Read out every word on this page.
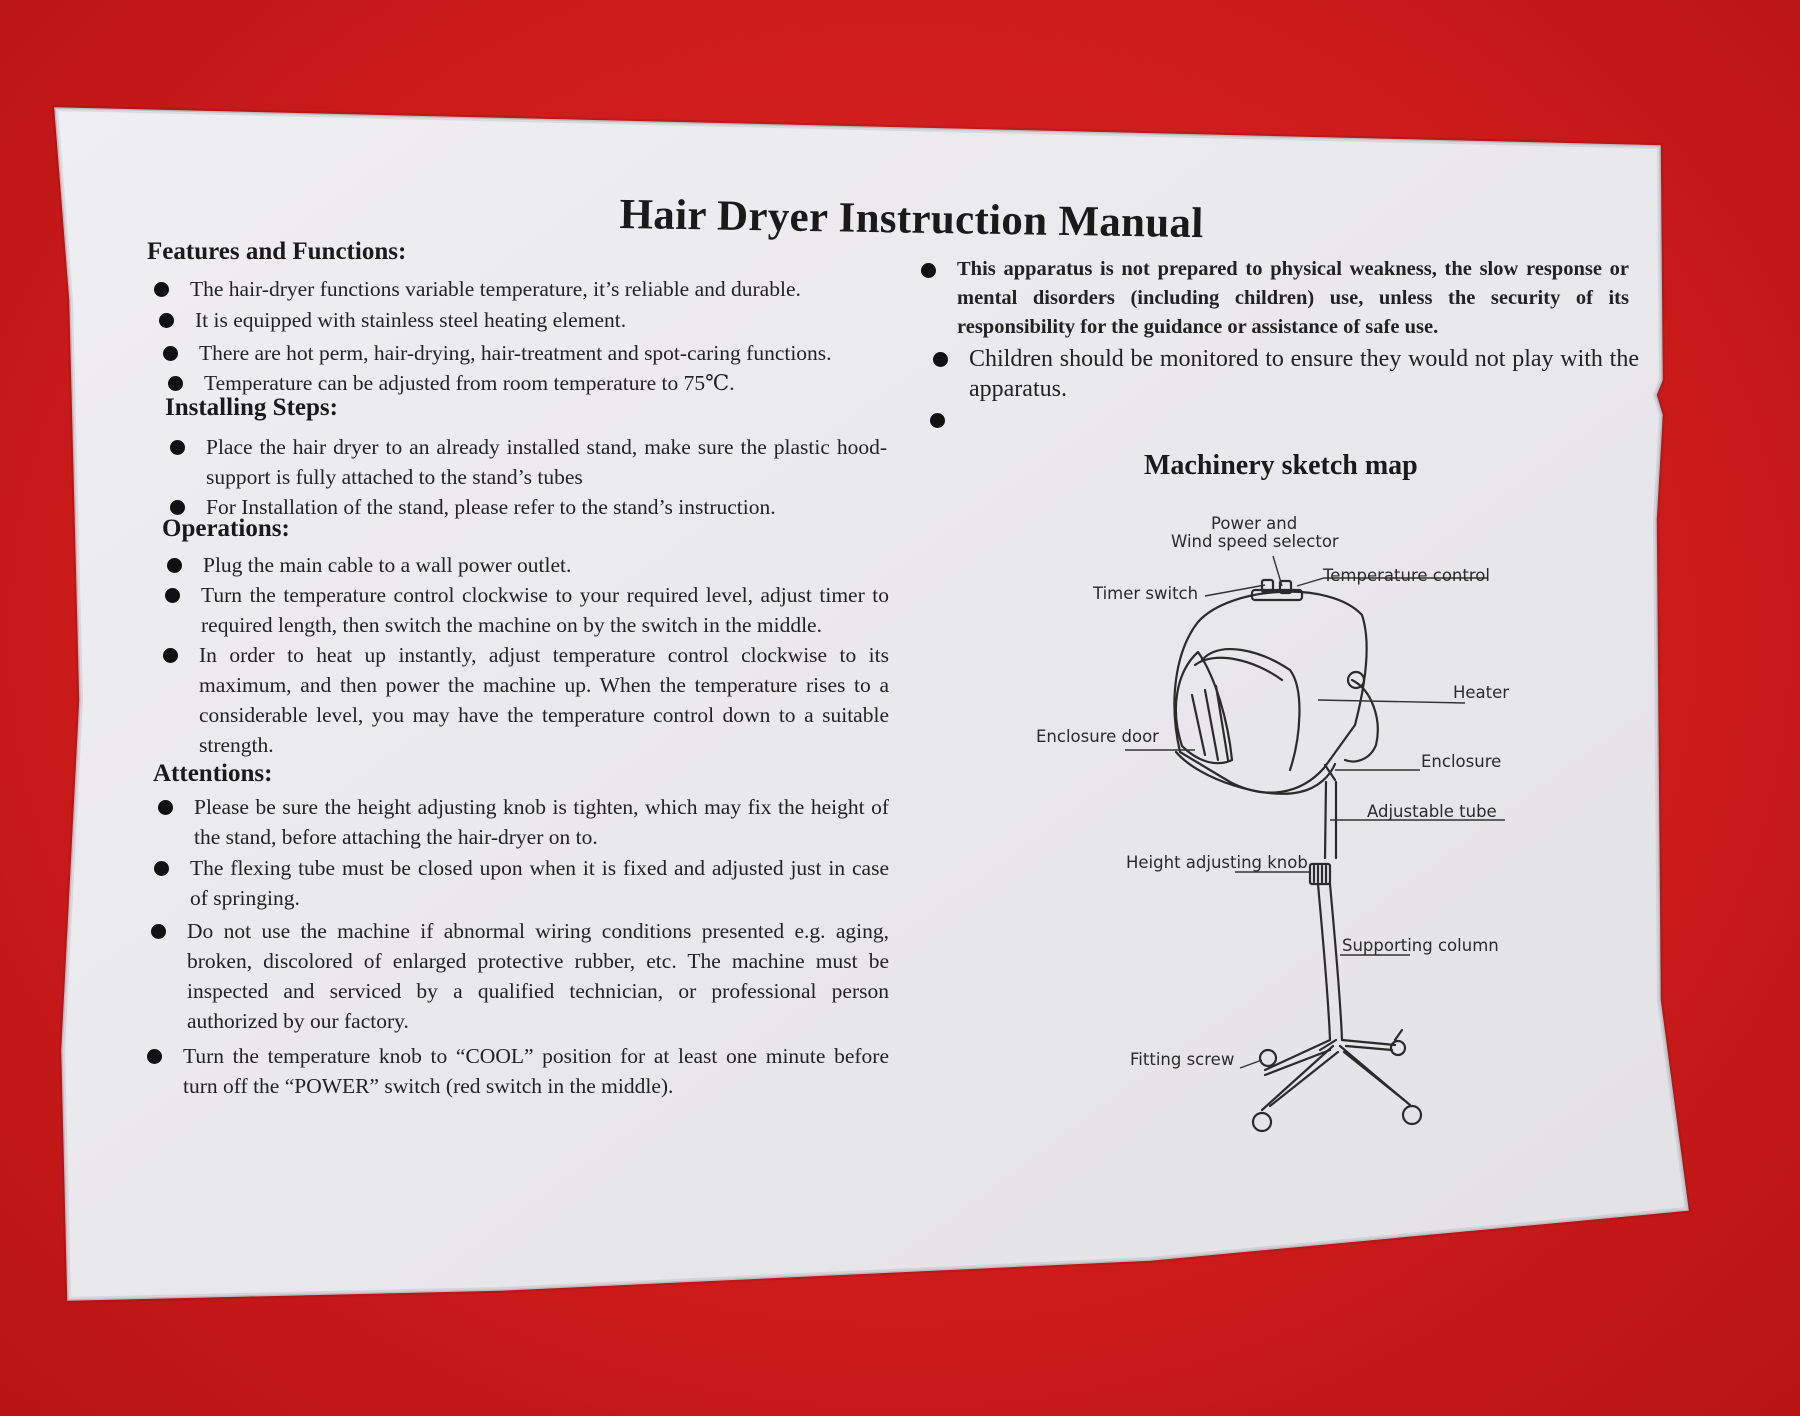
Hair Dryer Instruction Manual
Features and Functions:
The hair-dryer functions variable temperature, it’s reliable and durable.
It is equipped with stainless steel heating element.
There are hot perm, hair-drying, hair-treatment and spot-caring functions.
Temperature can be adjusted from room temperature to 75℃.
Installing Steps:
Place the hair dryer to an already installed stand, make sure the plastic hood-support is fully attached to the stand’s tubes
For Installation of the stand, please refer to the stand’s instruction.
Operations:
Plug the main cable to a wall power outlet.
Turn the temperature control clockwise to your required level, adjust timer to required length, then switch the machine on by the switch in the middle.
In order to heat up instantly, adjust temperature control clockwise to its maximum, and then power the machine up. When the temperature rises to a considerable level, you may have the temperature control down to a suitable strength.
Attentions:
Please be sure the height adjusting knob is tighten, which may fix the height of the stand, before attaching the hair-dryer on to.
The flexing tube must be closed upon when it is fixed and adjusted just in case of springing.
Do not use the machine if abnormal wiring conditions presented e.g. aging, broken, discolored of enlarged protective rubber, etc. The machine must be inspected and serviced by a qualified technician, or professional person authorized by our factory.
Turn the temperature knob to “COOL” position for at least one minute before turn off the “POWER” switch (red switch in the middle).
This apparatus is not prepared to physical weakness, the slow response or mental disorders (including children) use, unless the security of its responsibility for the guidance or assistance of safe use.
Children should be monitored to ensure they would not play with the apparatus.
Machinery sketch map
Power and
Wind speed selector
Temperature control
Timer switch
Heater
Enclosure door
Enclosure
Adjustable tube
Height adjusting knob
Supporting column
Fitting screw
